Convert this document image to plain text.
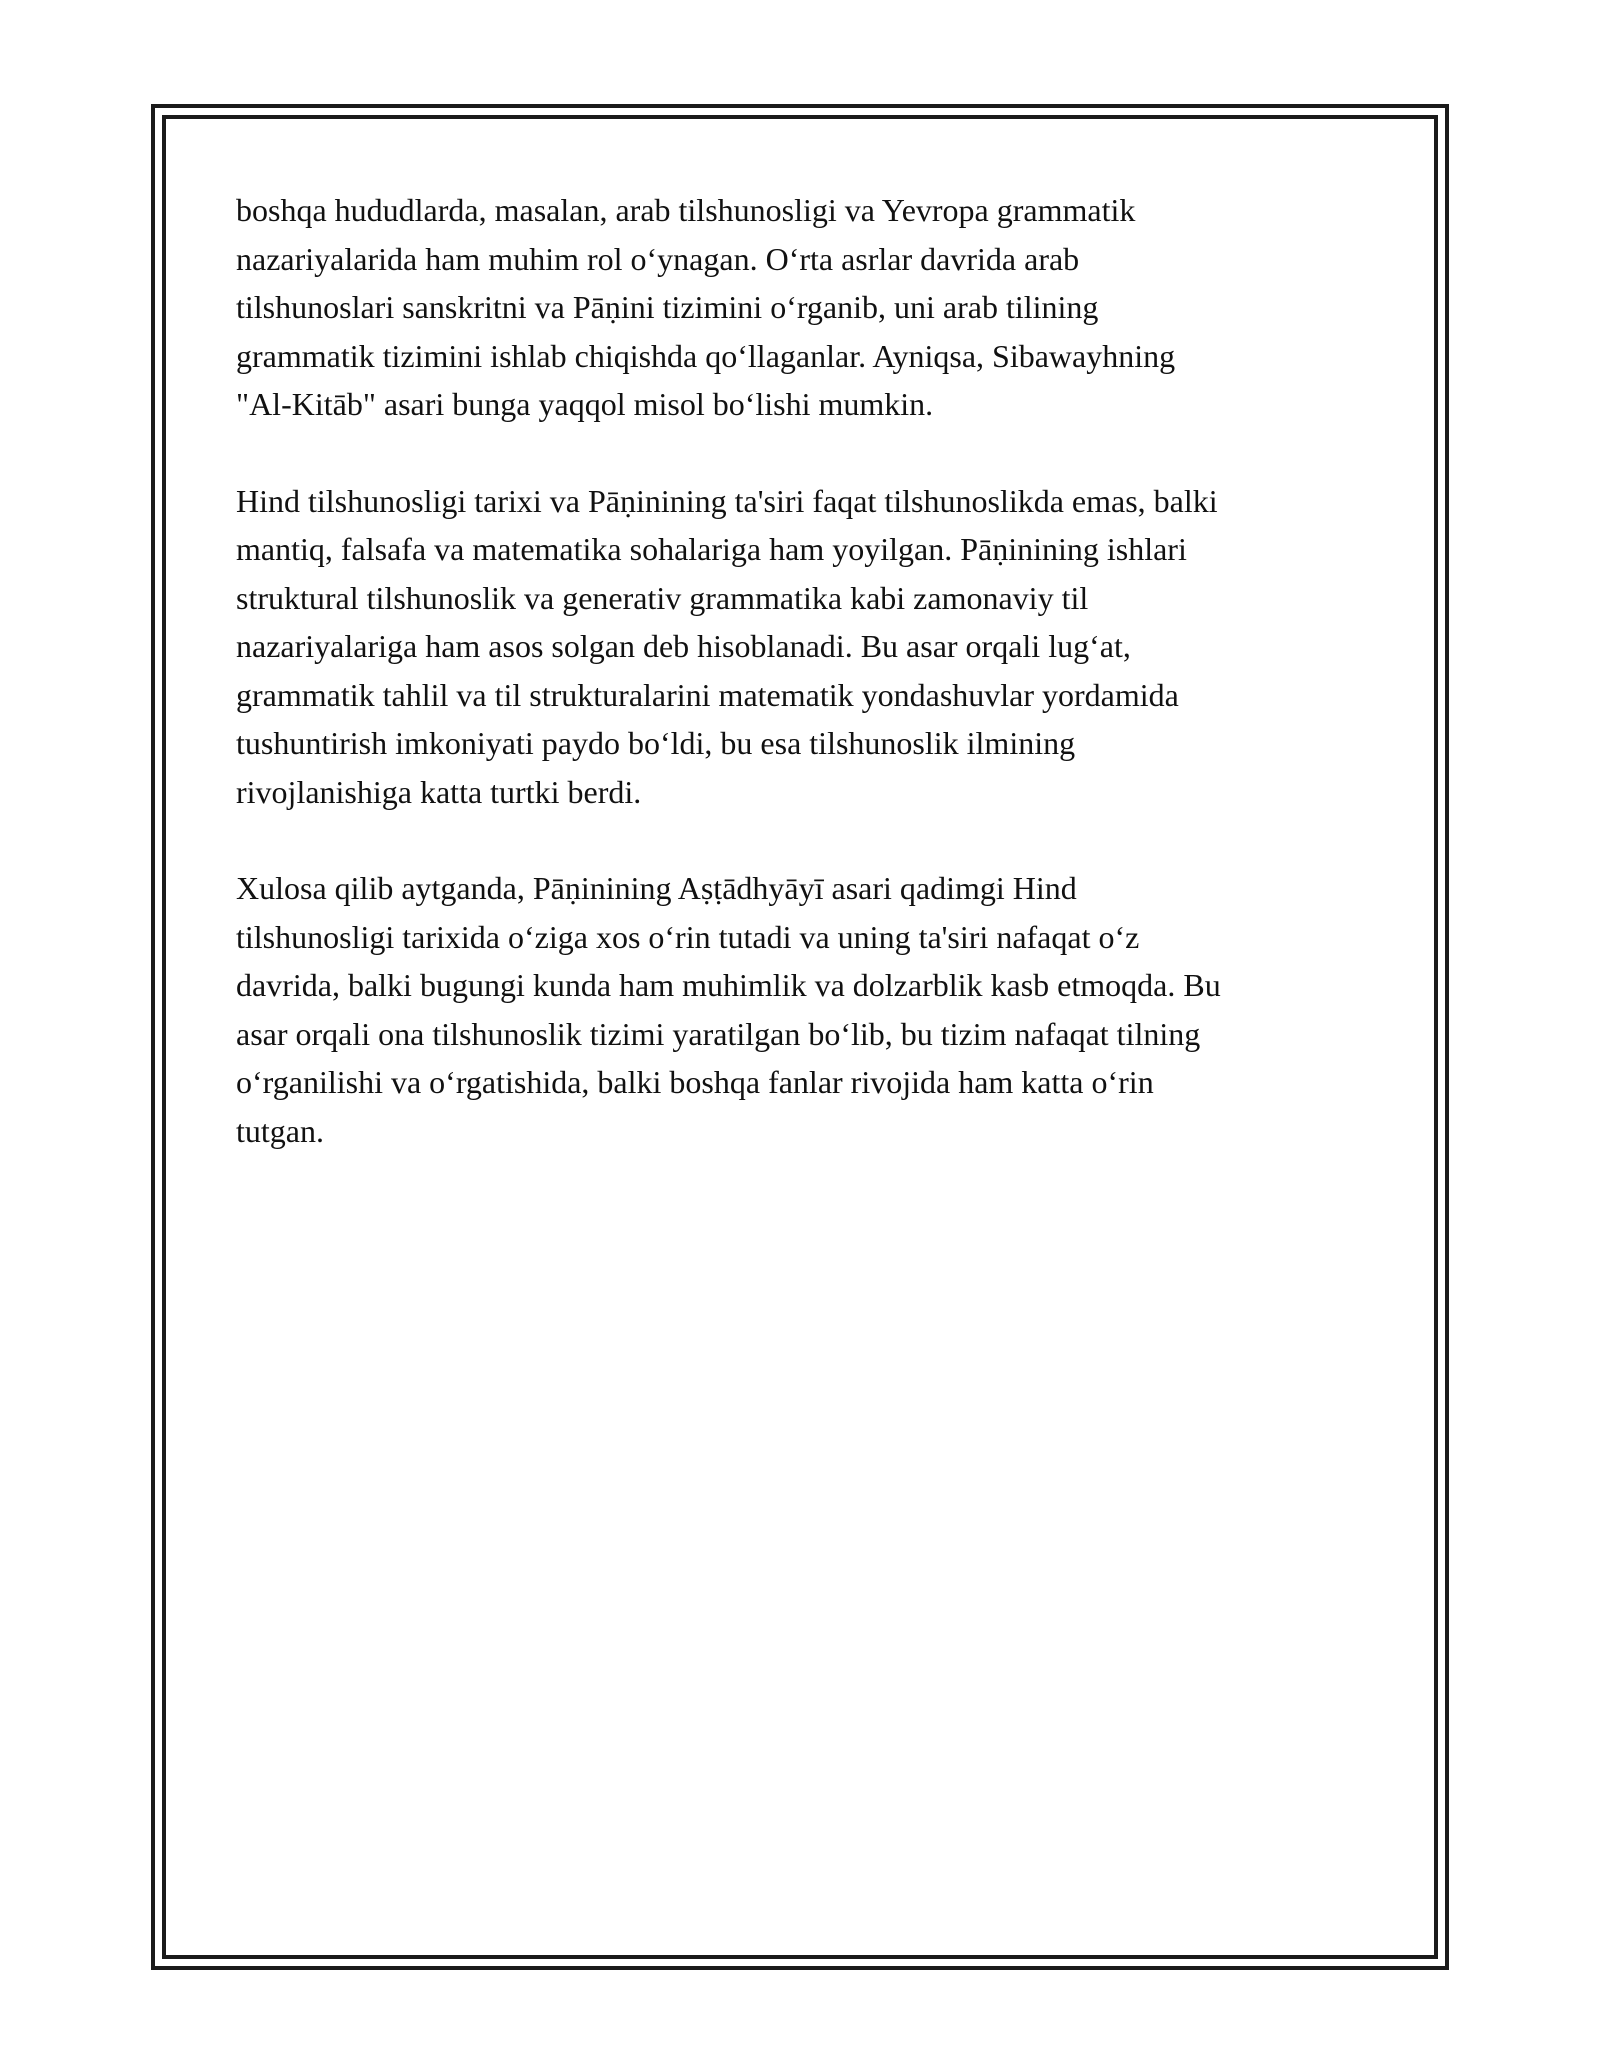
boshqa hududlarda, masalan, arab tilshunosligi va Yevropa grammatik
nazariyalarida ham muhim rol oʻynagan. Oʻrta asrlar davrida arab
tilshunoslari sanskritni va Pāṇini tizimini oʻrganib, uni arab tilining
grammatik tizimini ishlab chiqishda qoʻllaganlar. Ayniqsa, Sibawayhning
"Al-Kitāb" asari bunga yaqqol misol boʻlishi mumkin.

Hind tilshunosligi tarixi va Pāṇinining ta'siri faqat tilshunoslikda emas, balki
mantiq, falsafa va matematika sohalariga ham yoyilgan. Pāṇinining ishlari
struktural tilshunoslik va generativ grammatika kabi zamonaviy til
nazariyalariga ham asos solgan deb hisoblanadi. Bu asar orqali lugʻat,
grammatik tahlil va til strukturalarini matematik yondashuvlar yordamida
tushuntirish imkoniyati paydo boʻldi, bu esa tilshunoslik ilmining
rivojlanishiga katta turtki berdi.

Xulosa qilib aytganda, Pāṇinining Aṣṭādhyāyī asari qadimgi Hind
tilshunosligi tarixida oʻziga xos oʻrin tutadi va uning ta'siri nafaqat oʻz
davrida, balki bugungi kunda ham muhimlik va dolzarblik kasb etmoqda. Bu
asar orqali ona tilshunoslik tizimi yaratilgan boʻlib, bu tizim nafaqat tilning
oʻrganilishi va oʻrgatishida, balki boshqa fanlar rivojida ham katta oʻrin
tutgan.
